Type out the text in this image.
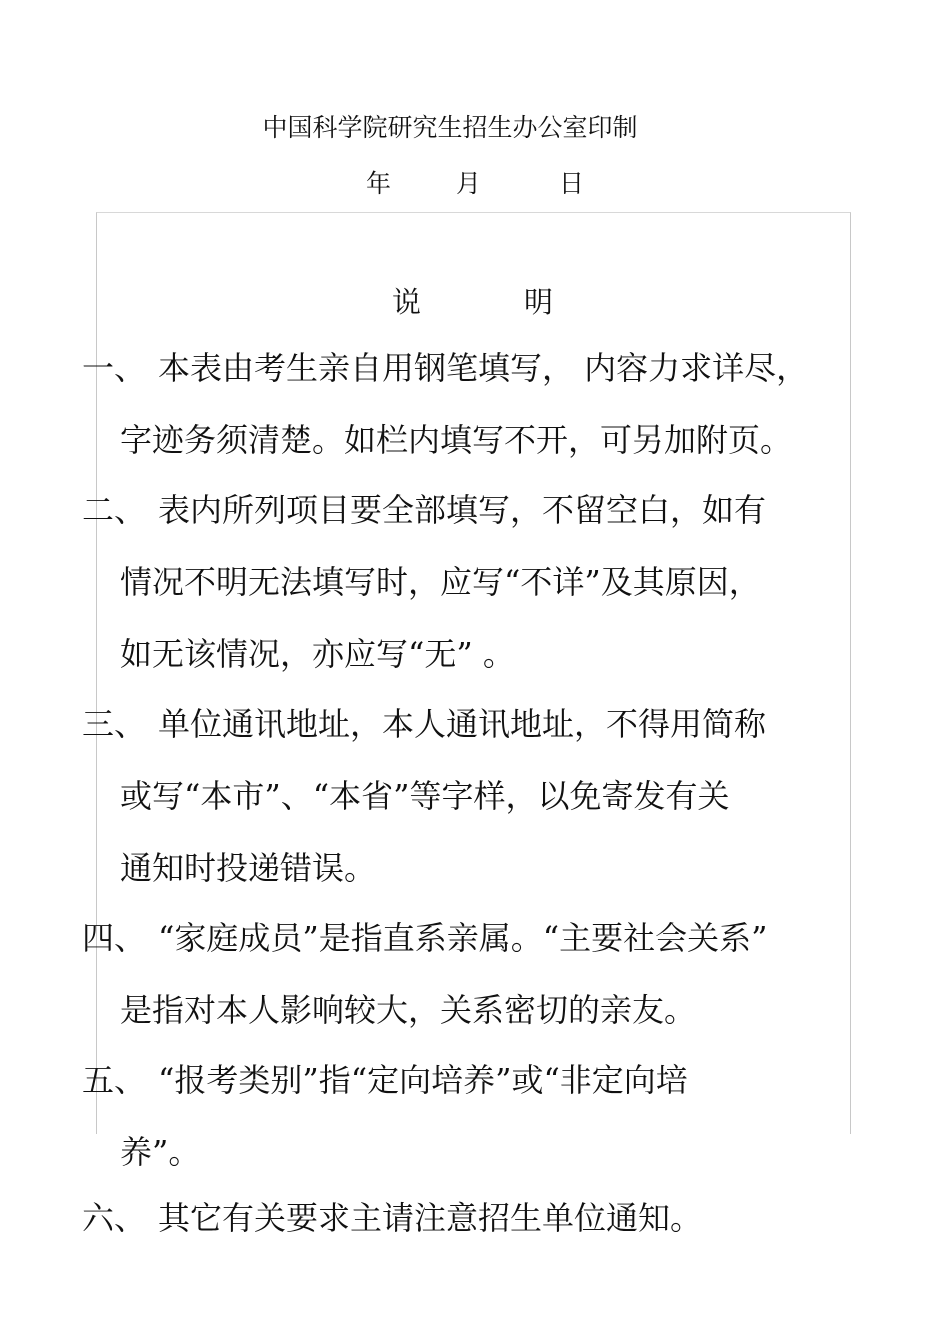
中国科学院研究生招生办公室印制
年	月	日
说	明
一、 本表由考生亲自用钢笔填写， 内容力求详尽，
字迹务须清楚。如栏内填写不开，可另加附页。
二、 表内所列项目要全部填写，不留空白，如有
情况不明无法填写时，应写“不详”及其原因，
如无该情况，亦应写“无” 。
三、 单位通讯地址，本人通讯地址，不得用简称
或写“本市”、“本省”等字样，以免寄发有关
通知时投递错误。
四、 “家庭成员”是指直系亲属。“主要社会关系”
是指对本人影响较大，关系密切的亲友。
五、 “报考类别”指“定向培养”或“非定向培
养”。
六、 其它有关要求主请注意招生单位通知。
